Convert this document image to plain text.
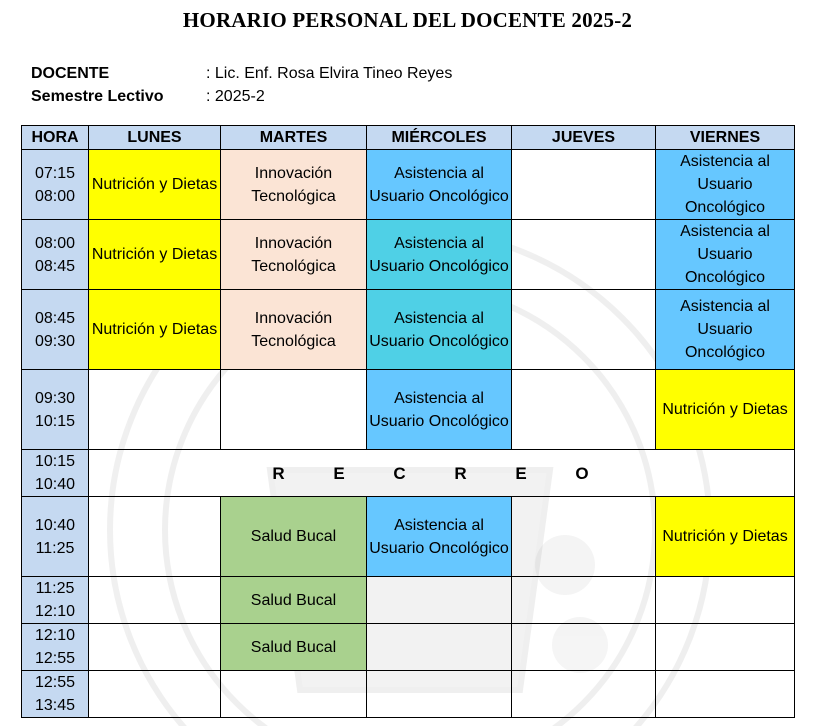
HORARIO PERSONAL DEL DOCENTE 2025-2
DOCENTE	: Lic. Enf. Rosa Elvira Tineo Reyes
Semestre Lectivo	: 2025-2
HORA	LUNES	MARTES	MIÉRCOLES	JUEVES	VIERNES

07:15
08:00	Nutrición y Dietas	Innovación Tecnológica	Asistencia al Usuario Oncológico		Asistencia al Usuario Oncológico

08:00
08:45	Nutrición y Dietas	Innovación Tecnológica	Asistencia al Usuario Oncológico		Asistencia al Usuario Oncológico

08:45
09:30	Nutrición y Dietas	Innovación Tecnológica	Asistencia al Usuario Oncológico		Asistencia al Usuario Oncológico

09:30
10:15			Asistencia al Usuario Oncológico		Nutrición y Dietas

10:15
10:40	R E C R E O				

10:40
11:25		Salud Bucal	Asistencia al Usuario Oncológico		Nutrición y Dietas

11:25
12:10		Salud Bucal			

12:10
12:55		Salud Bucal			

12:55
13:45					
